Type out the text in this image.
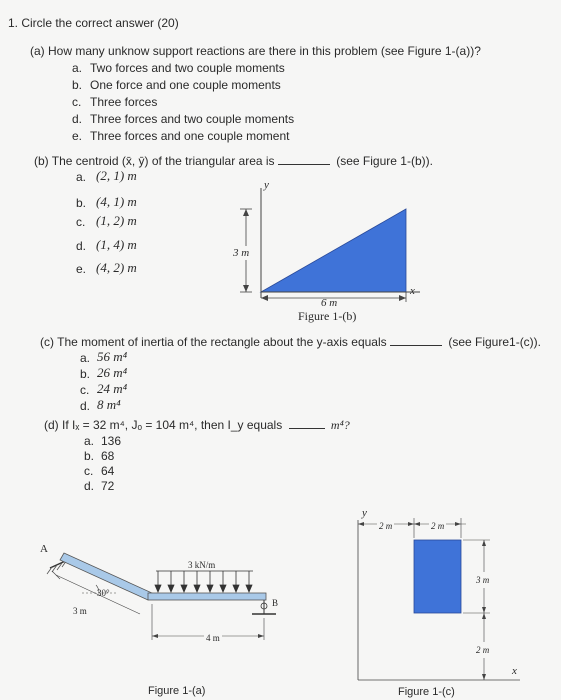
1. Circle the correct answer (20)
(a) How many unknow support reactions are there in this problem (see Figure 1-(a))?
a. Two forces and two couple moments
b. One force and one couple moments
c. Three forces
d. Three forces and two couple moments
e. Three forces and one couple moment
(b) The centroid (x̄, ȳ) of the triangular area is	(see Figure 1-(b)).
a. (2, 1) m
b. (4, 1) m
c. (1, 2) m
d. (1, 4) m
e. (4, 2) m
y
x
3 m
6 m
Figure 1-(b)
(c) The moment of inertia of the rectangle about the y-axis equals	(see Figure1-(c)).
a. 56 m⁴
b. 26 m⁴
c. 24 m⁴
d. 8 m⁴
(d) If Iₓ = 32 m⁴, Jₒ = 104 m⁴, then I_y equals	m⁴?
a. 136
b. 68
c. 64
d. 72
A
B
3 kN/m
30°
3 m
4 m
Figure 1-(a)
y
x
2 m	2 m
3 m
2 m
Figure 1-(c)
